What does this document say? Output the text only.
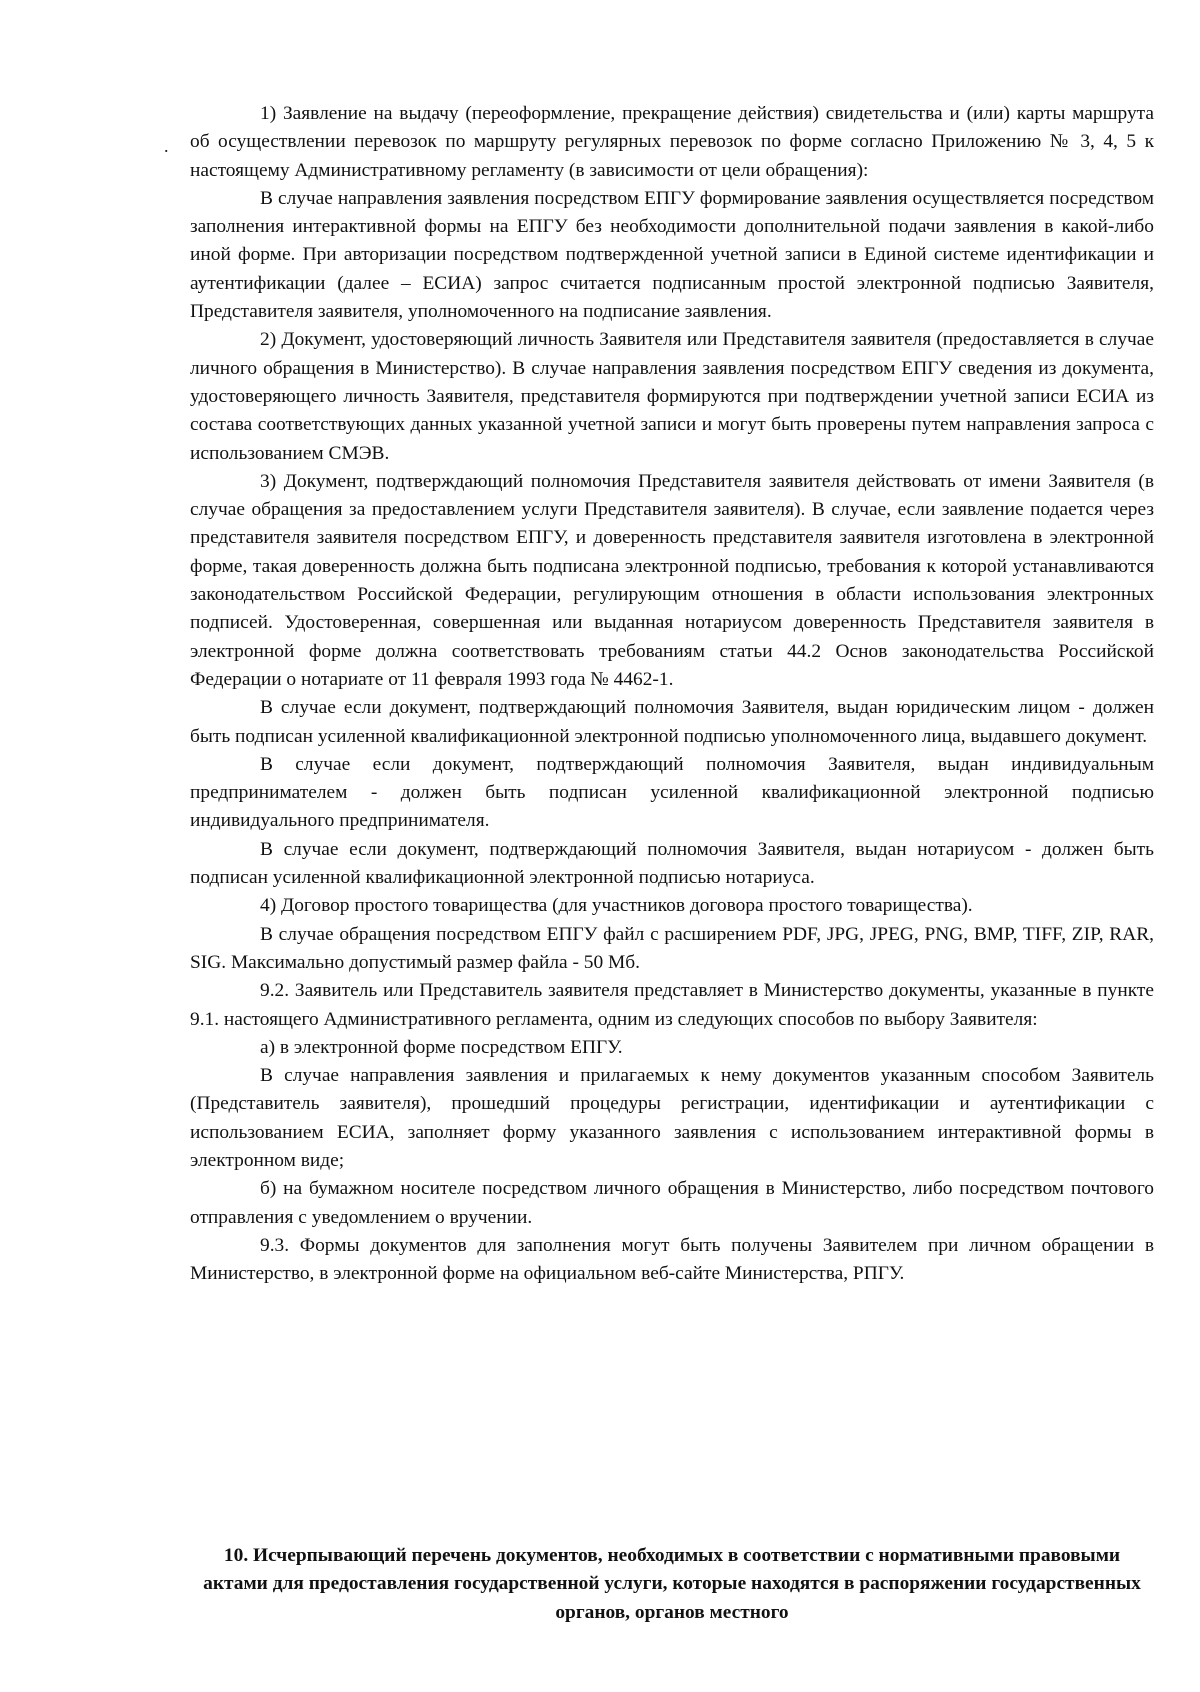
.

1) Заявление на выдачу (переоформление, прекращение действия) свидетельства и (или) карты маршрута об осуществлении перевозок по маршруту регулярных перевозок по форме согласно Приложению № 3, 4, 5 к настоящему Административному регламенту (в зависимости от цели обращения):

В случае направления заявления посредством ЕПГУ формирование заявления осуществляется посредством заполнения интерактивной формы на ЕПГУ без необходимости дополнительной подачи заявления в какой-либо иной форме. При авторизации посредством подтвержденной учетной записи в Единой системе идентификации и аутентификации (далее – ЕСИА) запрос считается подписанным простой электронной подписью Заявителя, Представителя заявителя, уполномоченного на подписание заявления.

2) Документ, удостоверяющий личность Заявителя или Представителя заявителя (предоставляется в случае личного обращения в Министерство). В случае направления заявления посредством ЕПГУ сведения из документа, удостоверяющего личность Заявителя, представителя формируются при подтверждении учетной записи ЕСИА из состава соответствующих данных указанной учетной записи и могут быть проверены путем направления запроса с использованием СМЭВ.

3) Документ, подтверждающий полномочия Представителя заявителя действовать от имени Заявителя (в случае обращения за предоставлением услуги Представителя заявителя). В случае, если заявление подается через представителя заявителя посредством ЕПГУ, и доверенность представителя заявителя изготовлена в электронной форме, такая доверенность должна быть подписана электронной подписью, требования к которой устанавливаются законодательством Российской Федерации, регулирующим отношения в области использования электронных подписей. Удостоверенная, совершенная или выданная нотариусом доверенность Представителя заявителя в электронной форме должна соответствовать требованиям статьи 44.2 Основ законодательства Российской Федерации о нотариате от 11 февраля 1993 года № 4462-1.

В случае если документ, подтверждающий полномочия Заявителя, выдан юридическим лицом - должен быть подписан усиленной квалификационной электронной подписью уполномоченного лица, выдавшего документ.

В случае если документ, подтверждающий полномочия Заявителя, выдан индивидуальным предпринимателем - должен быть подписан усиленной квалификационной электронной подписью индивидуального предпринимателя.

В случае если документ, подтверждающий полномочия Заявителя, выдан нотариусом - должен быть подписан усиленной квалификационной электронной подписью нотариуса.

4) Договор простого товарищества (для участников договора простого товарищества).

В случае обращения посредством ЕПГУ файл с расширением PDF, JPG, JPEG, PNG, BMP, TIFF, ZIP, RAR, SIG. Максимально допустимый размер файла - 50 Мб.

9.2. Заявитель или Представитель заявителя представляет в Министерство документы, указанные в пункте 9.1. настоящего Административного регламента, одним из следующих способов по выбору Заявителя:

а) в электронной форме посредством ЕПГУ.

В случае направления заявления и прилагаемых к нему документов указанным способом Заявитель (Представитель заявителя), прошедший процедуры регистрации, идентификации и аутентификации с использованием ЕСИА, заполняет форму указанного заявления с использованием интерактивной формы в электронном виде;

б) на бумажном носителе посредством личного обращения в Министерство, либо посредством почтового отправления с уведомлением о вручении.

9.3. Формы документов для заполнения могут быть получены Заявителем при личном обращении в Министерство, в электронной форме на официальном веб-сайте Министерства, РПГУ.

10. Исчерпывающий перечень документов, необходимых в соответствии с нормативными правовыми актами для предоставления государственной услуги, которые находятся в распоряжении государственных органов, органов местного
